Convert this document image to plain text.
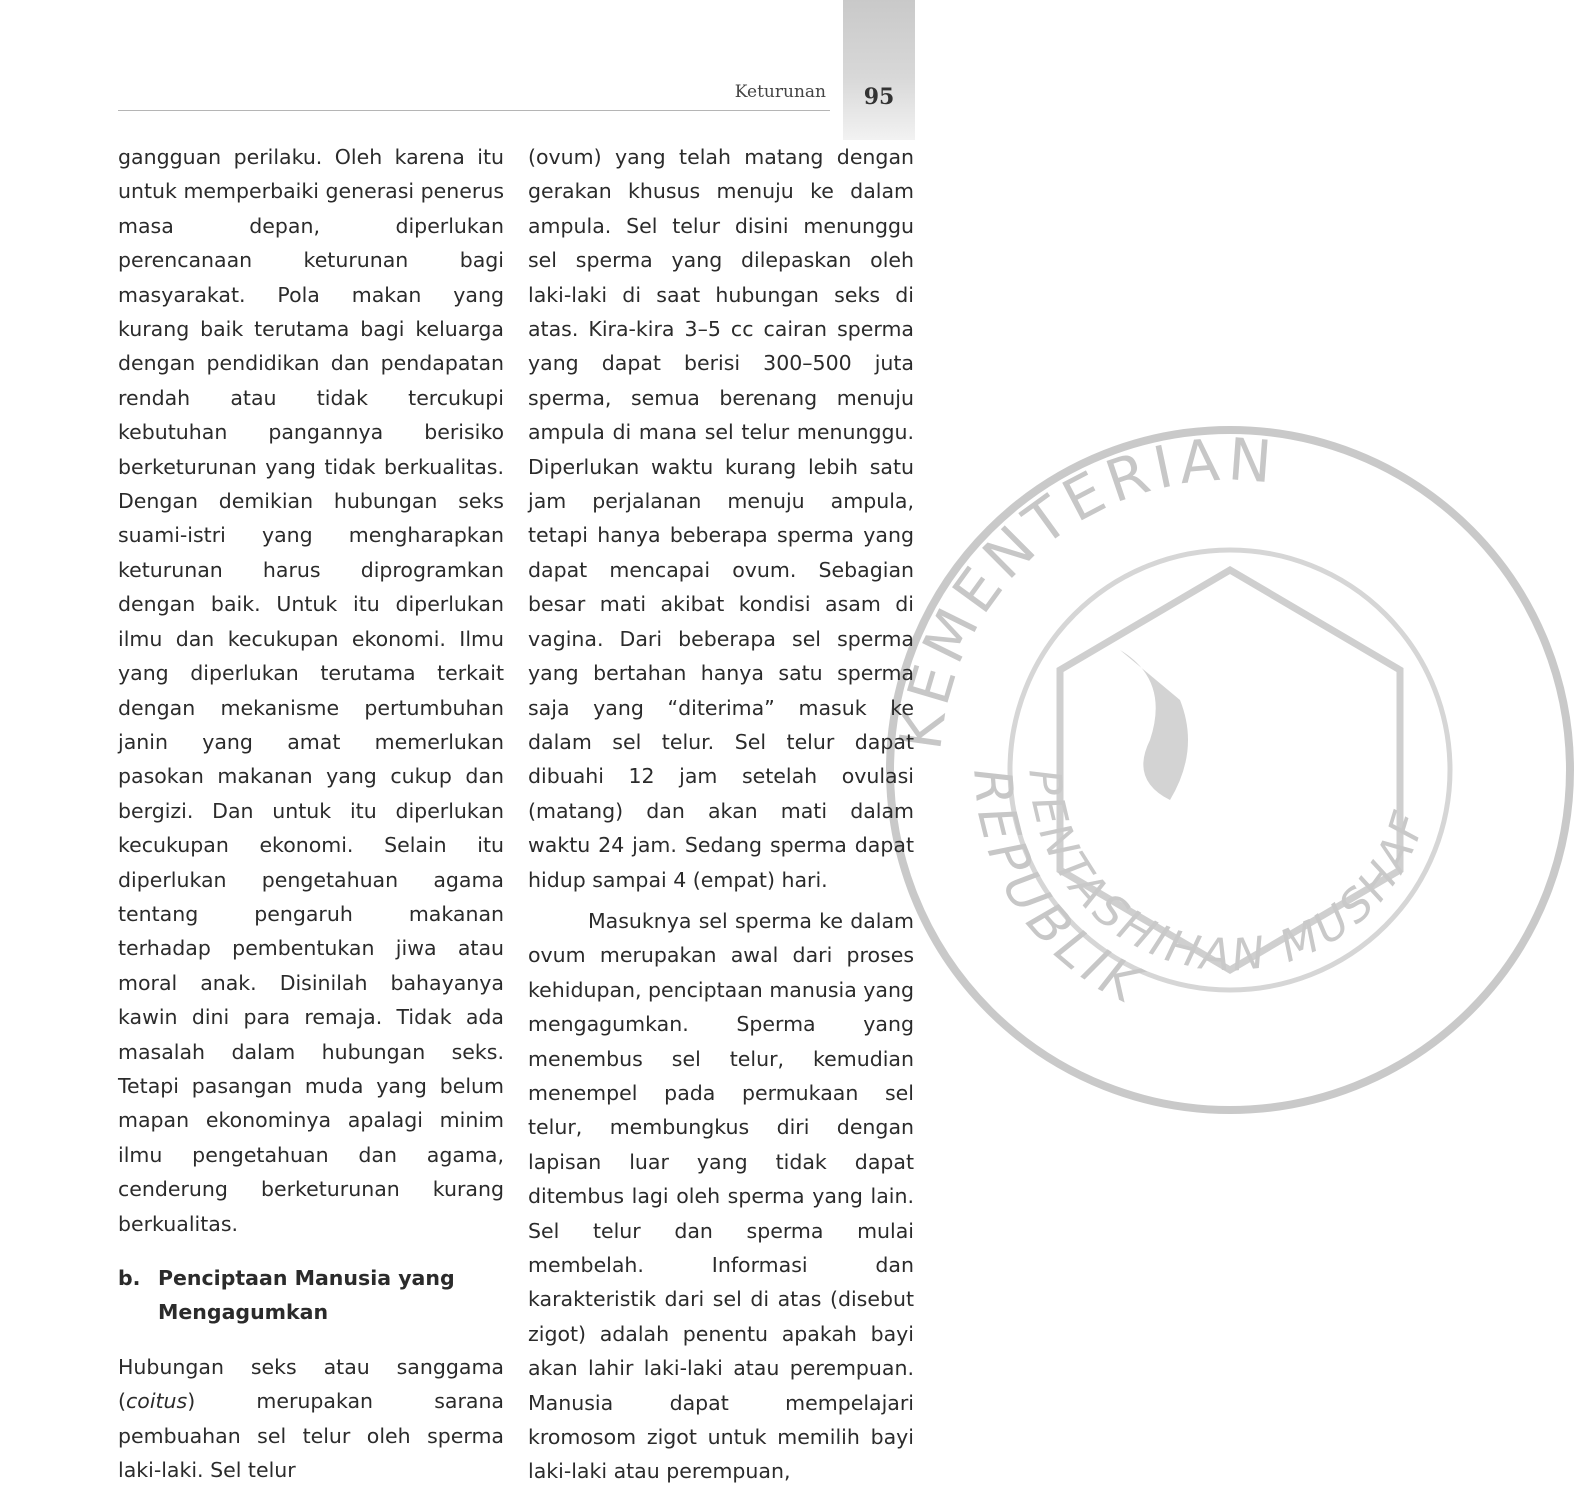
95
Keturunan
KEMENTERIAN
PENTASHIHAN MUSHAF
REPUBLIK

gangguan perilaku. Oleh karena itu untuk memperbaiki generasi penerus masa depan, diperlukan perencanaan keturunan bagi masyarakat. Pola makan yang kurang baik terutama bagi keluarga dengan pendidikan dan pendapatan rendah atau tidak tercukupi kebutuhan pangannya berisiko berketurunan yang tidak berkualitas. Dengan demikian hubungan seks suami-istri yang mengharapkan keturunan harus diprogramkan dengan baik. Untuk itu diperlukan ilmu dan kecukupan ekonomi. Ilmu yang diperlukan terutama terkait dengan mekanisme pertumbuhan janin yang amat memerlukan pasokan makanan yang cukup dan bergizi. Dan untuk itu diperlukan kecukupan ekonomi. Selain itu diperlukan pengetahuan agama tentang pengaruh makanan terhadap pembentukan jiwa atau moral anak. Disinilah bahayanya kawin dini para remaja. Tidak ada masalah dalam hubungan seks. Tetapi pasangan muda yang belum mapan ekonominya apalagi minim ilmu pengetahuan dan agama, cenderung berketurunan kurang berkualitas.

b. Penciptaan Manusia yang Mengagumkan

Hubungan seks atau sanggama (coitus) merupakan sarana pembuahan sel telur oleh sperma laki-laki. Sel telur

(ovum) yang telah matang dengan gerakan khusus menuju ke dalam ampula. Sel telur disini menunggu sel sperma yang dilepaskan oleh laki-laki di saat hubungan seks di atas. Kira-kira 3–5 cc cairan sperma yang dapat berisi 300–500 juta sperma, semua berenang menuju ampula di mana sel telur menunggu. Diperlukan waktu kurang lebih satu jam perjalanan menuju ampula, tetapi hanya beberapa sperma yang dapat mencapai ovum. Sebagian besar mati akibat kondisi asam di vagina. Dari beberapa sel sperma yang bertahan hanya satu sperma saja yang “diterima” masuk ke dalam sel telur. Sel telur dapat dibuahi 12 jam setelah ovulasi (matang) dan akan mati dalam waktu 24 jam. Sedang sperma dapat hidup sampai 4 (empat) hari.

Masuknya sel sperma ke dalam ovum merupakan awal dari proses kehidupan, penciptaan manusia yang mengagumkan. Sperma yang menembus sel telur, kemudian menempel pada permukaan sel telur, membungkus diri dengan lapisan luar yang tidak dapat ditembus lagi oleh sperma yang lain. Sel telur dan sperma mulai membelah. Informasi dan karakteristik dari sel di atas (disebut zigot) adalah penentu apakah bayi akan lahir laki-laki atau perempuan. Manusia dapat mempelajari kromosom zigot untuk memilih bayi laki-laki atau perempuan,
